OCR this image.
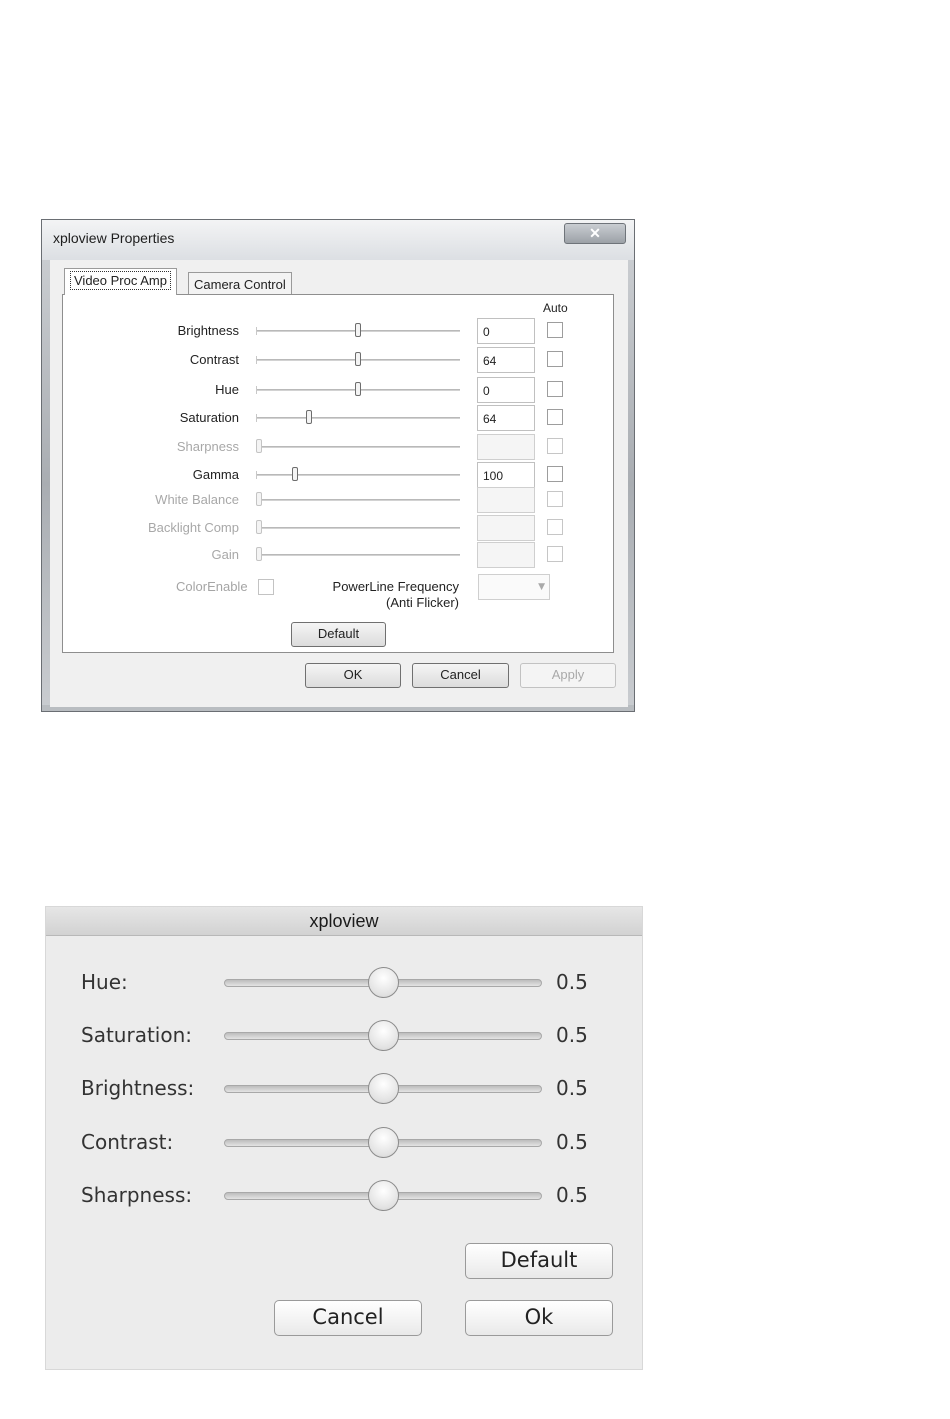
xploview Properties	✕
Video Proc Amp	Camera Control
Auto
Brightness	0
Contrast	64
Hue	0
Saturation	64
Sharpness
Gamma	100
White Balance
Backlight Comp
Gain
ColorEnable	PowerLine Frequency
(Anti Flicker)
▼
Default
OK	Cancel	Apply
xploview
Hue:	0.5
Saturation:	0.5
Brightness:	0.5
Contrast:	0.5
Sharpness:	0.5
Default
Cancel	Ok
